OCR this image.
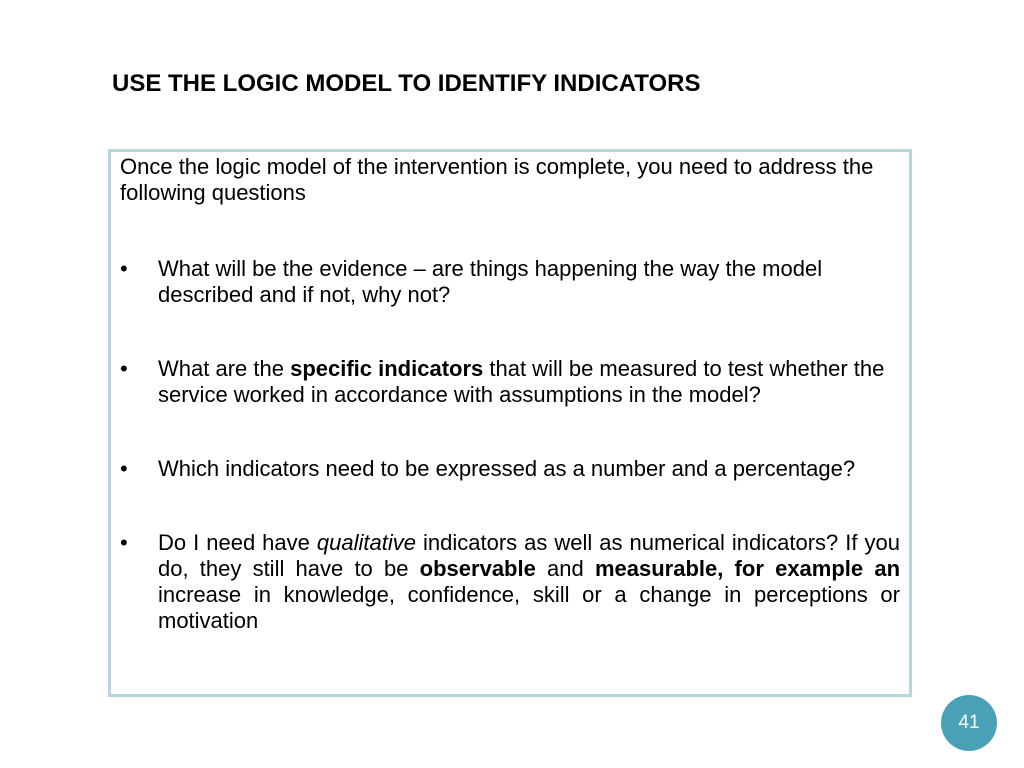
USE THE LOGIC MODEL TO IDENTIFY INDICATORS

Once the logic model of the intervention is complete, you need to address the following questions

• What will be the evidence – are things happening the way the model described and if not, why not?
• What are the specific indicators that will be measured to test whether the service worked in accordance with assumptions in the model?
• Which indicators need to be expressed as a number and a percentage?
• Do I need have qualitative indicators as well as numerical indicators? If you do, they still have to be observable and measurable, for example an increase in knowledge, confidence, skill or a change in perceptions or motivation
41
